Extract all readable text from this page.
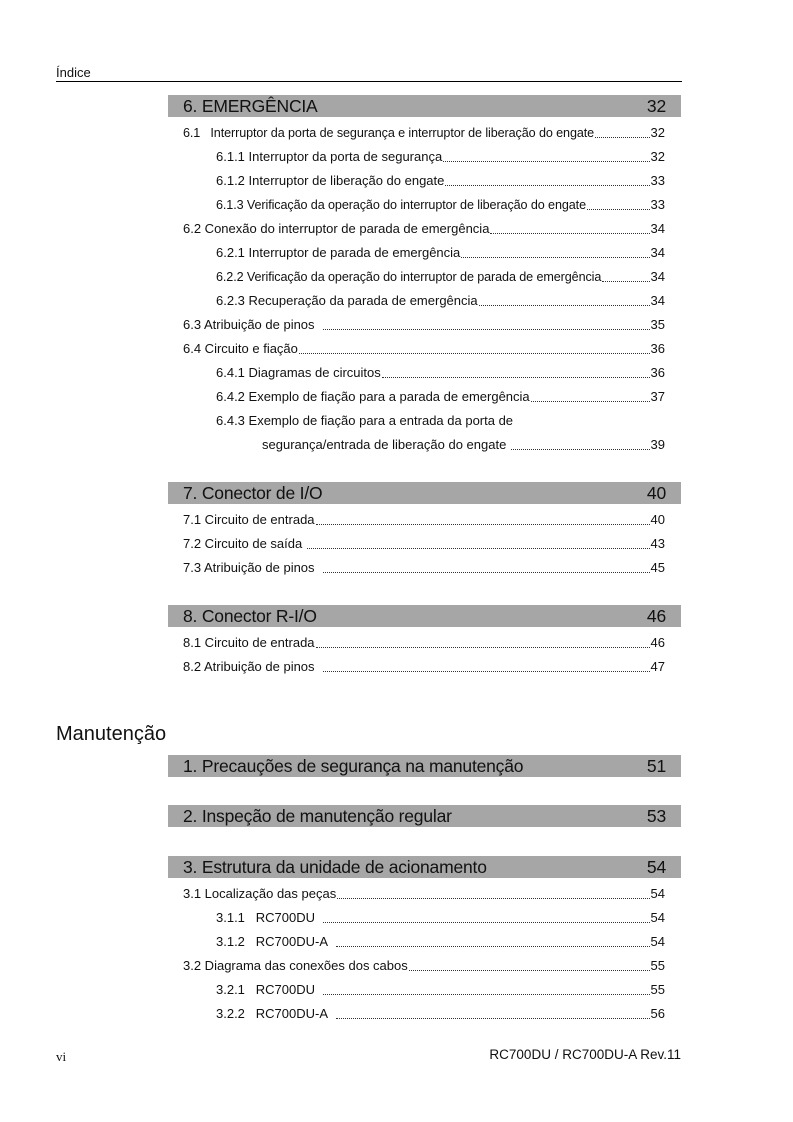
Índice
6. EMERGÊNCIA	32
6.1   Interruptor da porta de segurança e interruptor de liberação do engate	32
6.1.1 Interruptor da porta de segurança	32
6.1.2 Interruptor de liberação do engate	33
6.1.3 Verificação da operação do interruptor de liberação do engate	33
6.2 Conexão do interruptor de parada de emergência	34
6.2.1 Interruptor de parada de emergência	34
6.2.2 Verificação da operação do interruptor de parada de emergência	34
6.2.3 Recuperação da parada de emergência	34
6.3 Atribuição de pinos	35
6.4 Circuito e fiação	36
6.4.1 Diagramas de circuitos	36
6.4.2 Exemplo de fiação para a parada de emergência	37
6.4.3 Exemplo de fiação para a entrada da porta de
segurança/entrada de liberação do engate	39
7. Conector de I/O	40
7.1 Circuito de entrada	40
7.2 Circuito de saída	43
7.3 Atribuição de pinos	45
8. Conector R-I/O	46
8.1 Circuito de entrada	46
8.2 Atribuição de pinos	47
Manutenção
1. Precauções de segurança na manutenção	51
2. Inspeção de manutenção regular	53
3. Estrutura da unidade de acionamento	54
3.1 Localização das peças	54
3.1.1   RC700DU	54
3.1.2   RC700DU-A	54
3.2 Diagrama das conexões dos cabos	55
3.2.1   RC700DU	55
3.2.2   RC700DU-A	56
vi	RC700DU / RC700DU-A Rev.11
